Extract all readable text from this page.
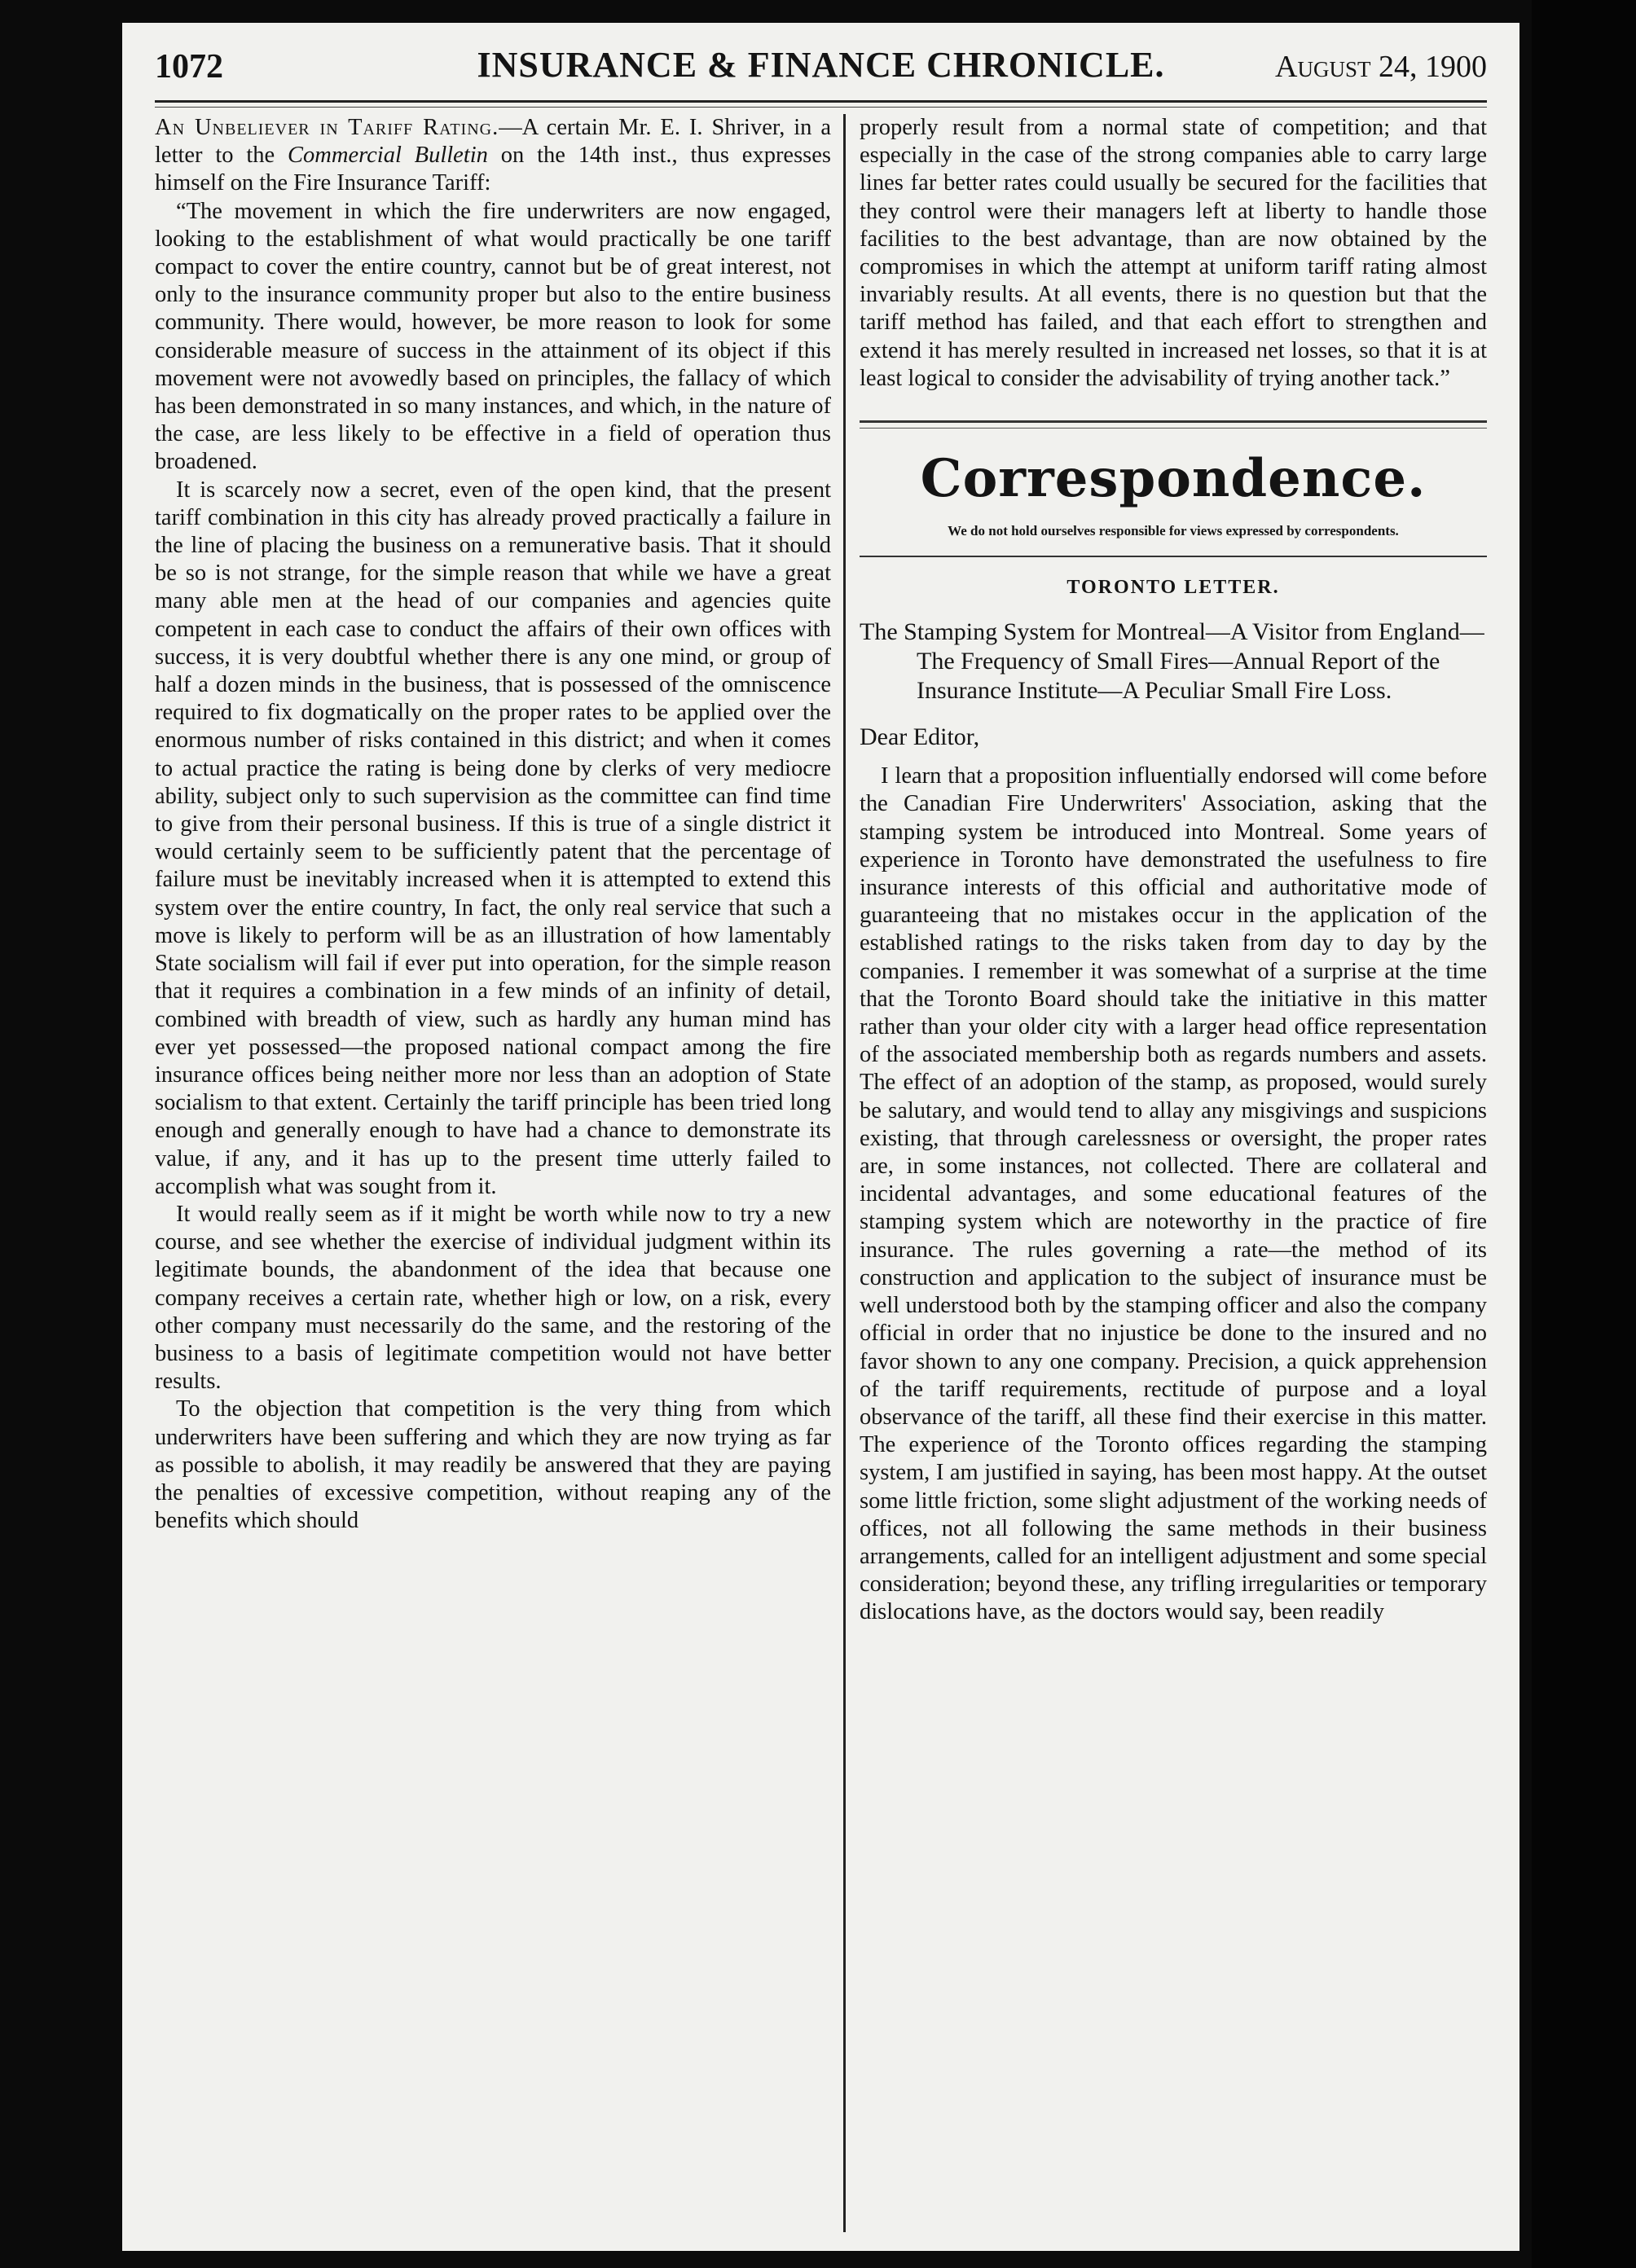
1072	INSURANCE & FINANCE CHRONICLE.	August 24, 1900

An Unbeliever in Tariff Rating.—A certain Mr. E. I. Shriver, in a letter to the Commercial Bulletin on the 14th inst., thus expresses himself on the Fire Insurance Tariff:

“The movement in which the fire underwriters are now engaged, looking to the establishment of what would practically be one tariff compact to cover the entire country, cannot but be of great interest, not only to the insurance community proper but also to the entire business community. There would, however, be more reason to look for some considerable measure of success in the attainment of its object if this movement were not avowedly based on principles, the fallacy of which has been demonstrated in so many instances, and which, in the nature of the case, are less likely to be effective in a field of operation thus broadened.

It is scarcely now a secret, even of the open kind, that the present tariff combination in this city has already proved practically a failure in the line of placing the business on a remunerative basis. That it should be so is not strange, for the simple reason that while we have a great many able men at the head of our companies and agencies quite competent in each case to conduct the affairs of their own offices with success, it is very doubtful whether there is any one mind, or group of half a dozen minds in the business, that is possessed of the omniscence required to fix dogmatically on the proper rates to be applied over the enormous number of risks contained in this district; and when it comes to actual practice the rating is being done by clerks of very mediocre ability, subject only to such supervision as the committee can find time to give from their personal business. If this is true of a single district it would certainly seem to be sufficiently patent that the percentage of failure must be inevitably increased when it is attempted to extend this system over the entire country, In fact, the only real service that such a move is likely to perform will be as an illustration of how lamentably State socialism will fail if ever put into operation, for the simple reason that it requires a combination in a few minds of an infinity of detail, combined with breadth of view, such as hardly any human mind has ever yet possessed—the proposed national compact among the fire insurance offices being neither more nor less than an adoption of State socialism to that extent. Certainly the tariff principle has been tried long enough and generally enough to have had a chance to demonstrate its value, if any, and it has up to the present time utterly failed to accomplish what was sought from it.

It would really seem as if it might be worth while now to try a new course, and see whether the exercise of individual judgment within its legitimate bounds, the abandonment of the idea that because one company receives a certain rate, whether high or low, on a risk, every other company must necessarily do the same, and the restoring of the business to a basis of legitimate competition would not have better results.

To the objection that competition is the very thing from which underwriters have been suffering and which they are now trying as far as possible to abolish, it may readily be answered that they are paying the penalties of excessive competition, without reaping any of the benefits which should

properly result from a normal state of competition; and that especially in the case of the strong companies able to carry large lines far better rates could usually be secured for the facilities that they control were their managers left at liberty to handle those facilities to the best advantage, than are now obtained by the compromises in which the attempt at uniform tariff rating almost invariably results. At all events, there is no question but that the tariff method has failed, and that each effort to strengthen and extend it has merely resulted in increased net losses, so that it is at least logical to consider the advisability of trying another tack.”

Correspondence.
We do not hold ourselves responsible for views expressed by correspondents.
TORONTO LETTER.

The Stamping System for Montreal—A Visitor from England—The Frequency of Small Fires—Annual Report of the Insurance Institute—A Peculiar Small Fire Loss.

Dear Editor,

I learn that a proposition influentially endorsed will come before the Canadian Fire Underwriters' Association, asking that the stamping system be introduced into Montreal. Some years of experience in Toronto have demonstrated the usefulness to fire insurance interests of this official and authoritative mode of guaranteeing that no mistakes occur in the application of the established ratings to the risks taken from day to day by the companies. I remember it was somewhat of a surprise at the time that the Toronto Board should take the initiative in this matter rather than your older city with a larger head office representation of the associated membership both as regards numbers and assets. The effect of an adoption of the stamp, as proposed, would surely be salutary, and would tend to allay any misgivings and suspicions existing, that through carelessness or oversight, the proper rates are, in some instances, not collected. There are collateral and incidental advantages, and some educational features of the stamping system which are noteworthy in the practice of fire insurance. The rules governing a rate—the method of its construction and application to the subject of insurance must be well understood both by the stamping officer and also the company official in order that no injustice be done to the insured and no favor shown to any one company. Precision, a quick apprehension of the tariff requirements, rectitude of purpose and a loyal observance of the tariff, all these find their exercise in this matter. The experience of the Toronto offices regarding the stamping system, I am justified in saying, has been most happy. At the outset some little friction, some slight adjustment of the working needs of offices, not all following the same methods in their business arrangements, called for an intelligent adjustment and some special consideration; beyond these, any trifling irregularities or temporary dislocations have, as the doctors would say, been readily
